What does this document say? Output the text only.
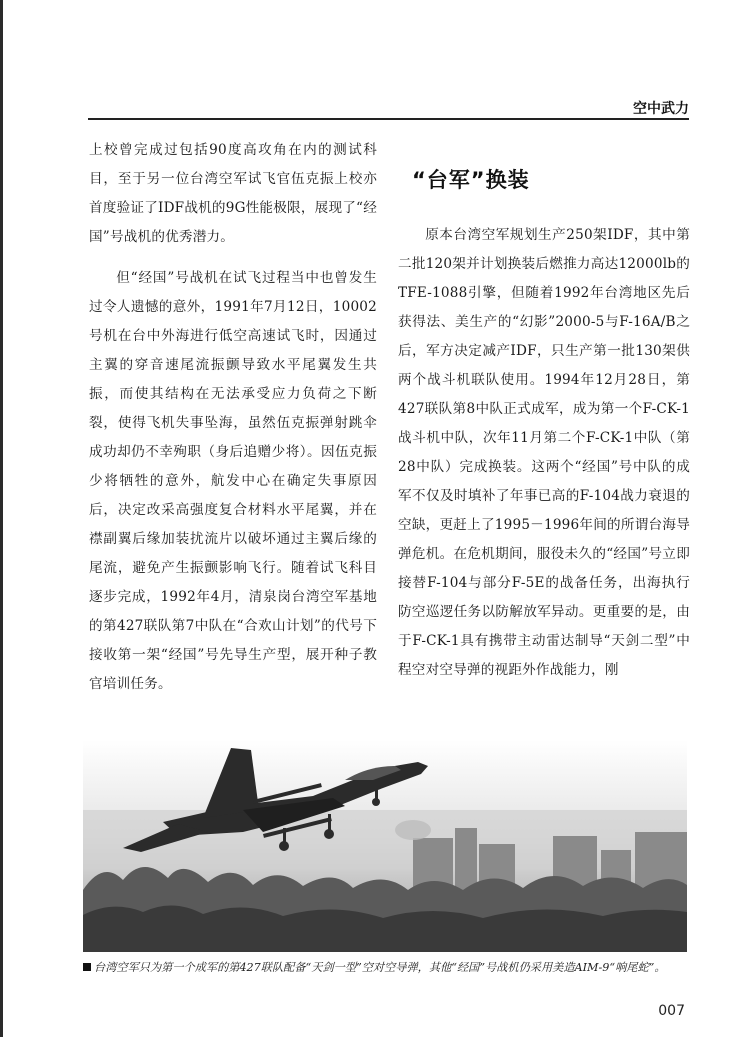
空中武力

上校曾完成过包括90度高攻角在内的测试科目，至于另一位台湾空军试飞官伍克振上校亦首度验证了IDF战机的9G性能极限，展现了“经国”号战机的优秀潜力。

但“经国”号战机在试飞过程当中也曾发生过令人遗憾的意外，1991年7月12日，10002号机在台中外海进行低空高速试飞时，因通过主翼的穿音速尾流振颤导致水平尾翼发生共振，而使其结构在无法承受应力负荷之下断裂，使得飞机失事坠海，虽然伍克振弹射跳伞成功却仍不幸殉职（身后追赠少将）。因伍克振少将牺牲的意外，航发中心在确定失事原因后，决定改采高强度复合材料水平尾翼，并在襟副翼后缘加装扰流片以破坏通过主翼后缘的尾流，避免产生振颤影响飞行。随着试飞科目逐步完成，1992年4月，清泉岗台湾空军基地的第427联队第7中队在“合欢山计划”的代号下接收第一架“经国”号先导生产型，展开种子教官培训任务。

“台军”换装

原本台湾空军规划生产250架IDF，其中第二批120架并计划换装后燃推力高达12000lb的TFE-1088引擎，但随着1992年台湾地区先后获得法、美生产的“幻影”2000-5与F-16A/B之后，军方决定减产IDF，只生产第一批130架供两个战斗机联队使用。1994年12月28日，第427联队第8中队正式成军，成为第一个F-CK-1战斗机中队，次年11月第二个F-CK-1中队（第28中队）完成换装。这两个“经国”号中队的成军不仅及时填补了年事已高的F-104战力衰退的空缺，更赶上了1995－1996年间的所谓台海导弹危机。在危机期间，服役未久的“经国”号立即接替F-104与部分F-5E的战备任务，出海执行防空巡逻任务以防解放军异动。更重要的是，由于F-CK-1具有携带主动雷达制导“天剑二型”中程空对空导弹的视距外作战能力，刚

台湾空军只为第一个成军的第427联队配备“天剑一型”空对空导弹，其他“经国”号战机仍采用美造AIM-9“响尾蛇”。
007
